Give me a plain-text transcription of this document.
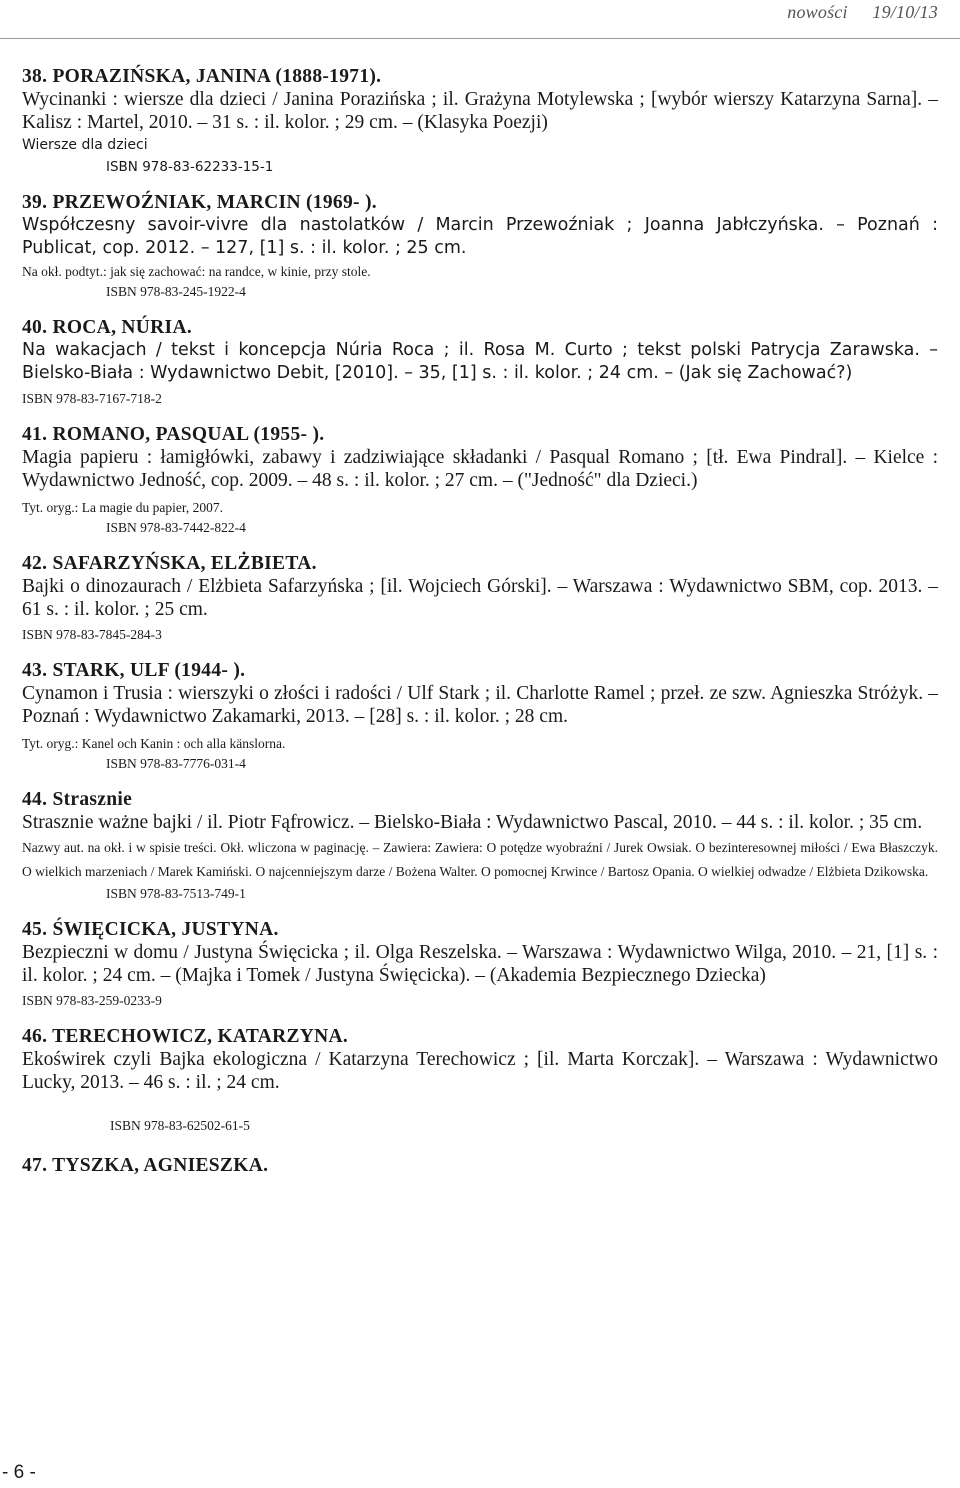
nowości 19/10/13
38. PORAZIŃSKA, JANINA (1888-1971).
Wycinanki : wiersze dla dzieci / Janina Porazińska ; il. Grażyna Motylewska ; [wybór wierszy Katarzyna Sarna]. – Kalisz : Martel, 2010. – 31 s. : il. kolor. ; 29 cm. – (Klasyka Poezji)
Wiersze dla dzieci
ISBN 978-83-62233-15-1
39. PRZEWOŹNIAK, MARCIN (1969- ).
Współczesny savoir-vivre dla nastolatków / Marcin Przewoźniak ; Joanna Jabłczyńska. – Poznań : Publicat, cop. 2012. – 127, [1] s. : il. kolor. ; 25 cm.
Na okł. podtyt.: jak się zachować: na randce, w kinie, przy stole.
ISBN 978-83-245-1922-4
40. ROCA, NÚRIA.
Na wakacjach / tekst i koncepcja Núria Roca ; il. Rosa M. Curto ; tekst polski Patrycja Zarawska. – Bielsko-Biała : Wydawnictwo Debit, [2010]. – 35, [1] s. : il. kolor. ; 24 cm. – (Jak się Zachować?)
ISBN 978-83-7167-718-2
41. ROMANO, PASQUAL (1955- ).
Magia papieru : łamigłówki, zabawy i zadziwiające składanki / Pasqual Romano ; [tł. Ewa Pindral]. – Kielce : Wydawnictwo Jedność, cop. 2009. – 48 s. : il. kolor. ; 27 cm. – ("Jedność" dla Dzieci.)
Tyt. oryg.: La magie du papier, 2007.
ISBN 978-83-7442-822-4
42. SAFARZYŃSKA, ELŻBIETA.
Bajki o dinozaurach / Elżbieta Safarzyńska ; [il. Wojciech Górski]. – Warszawa : Wydawnictwo SBM, cop. 2013. – 61 s. : il. kolor. ; 25 cm.
ISBN 978-83-7845-284-3
43. STARK, ULF (1944- ).
Cynamon i Trusia : wierszyki o złości i radości / Ulf Stark ; il. Charlotte Ramel ; przeł. ze szw. Agnieszka Stróżyk. – Poznań : Wydawnictwo Zakamarki, 2013. – [28] s. : il. kolor. ; 28 cm.
Tyt. oryg.: Kanel och Kanin : och alla känslorna.
ISBN 978-83-7776-031-4
44. Strasznie
Strasznie ważne bajki / il. Piotr Fąfrowicz. – Bielsko-Biała : Wydawnictwo Pascal, 2010. – 44 s. : il. kolor. ; 35 cm.
Nazwy aut. na okł. i w spisie treści. Okł. wliczona w paginację. – Zawiera: Zawiera: O potędze wyobraźni / Jurek Owsiak. O bezinteresownej miłości / Ewa Błaszczyk. O wielkich marzeniach / Marek Kamiński. O najcenniejszym darze / Bożena Walter. O pomocnej Krwince / Bartosz Opania. O wielkiej odwadze / Elżbieta Dzikowska.
ISBN 978-83-7513-749-1
45. ŚWIĘCICKA, JUSTYNA.
Bezpieczni w domu / Justyna Święcicka ; il. Olga Reszelska. – Warszawa : Wydawnictwo Wilga, 2010. – 21, [1] s. : il. kolor. ; 24 cm. – (Majka i Tomek / Justyna Święcicka). – (Akademia Bezpiecznego Dziecka)
ISBN 978-83-259-0233-9
46. TERECHOWICZ, KATARZYNA.
Ekoświrek czyli Bajka ekologiczna / Katarzyna Terechowicz ; [il. Marta Korczak]. – Warszawa : Wydawnictwo Lucky, 2013. – 46 s. : il. ; 24 cm.
ISBN 978-83-62502-61-5
47. TYSZKA, AGNIESZKA.
- 6 -
